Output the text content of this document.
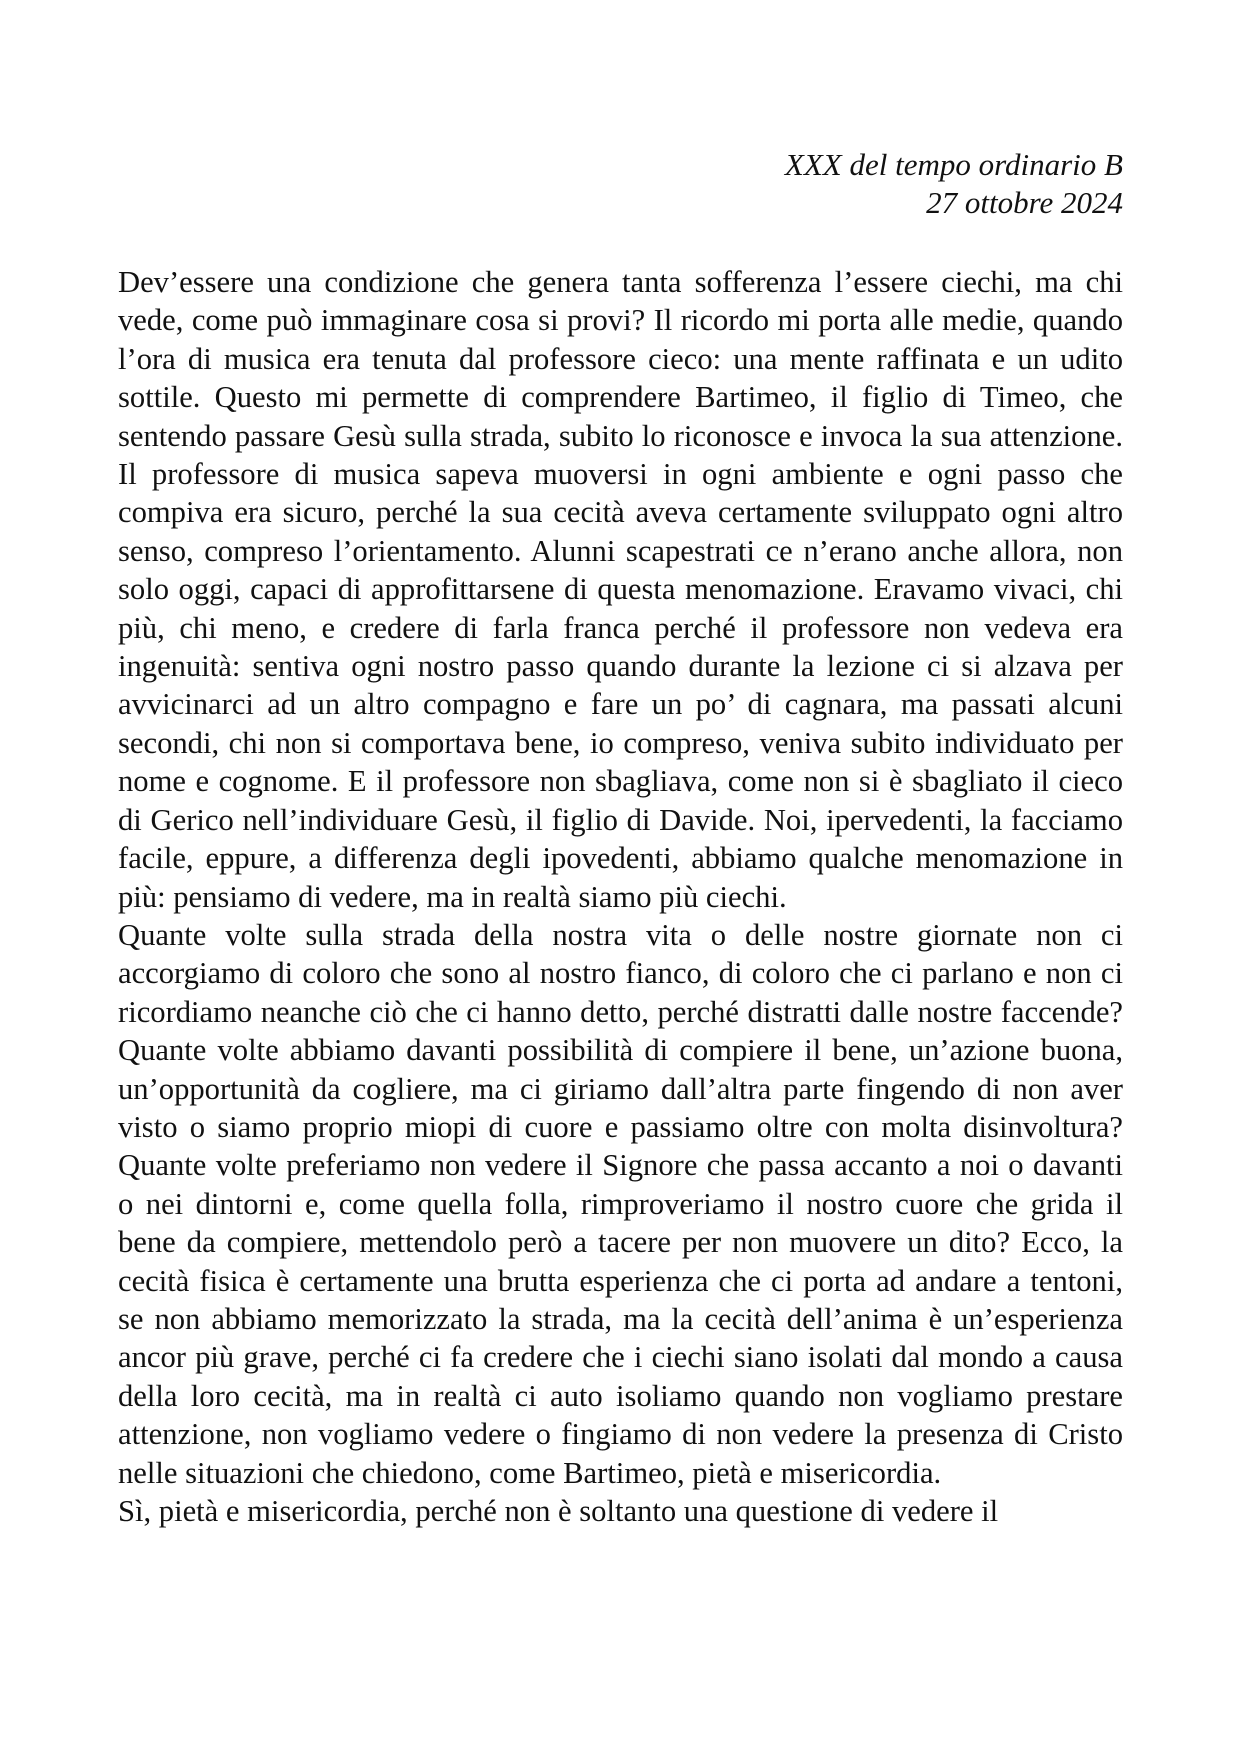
XXX del tempo ordinario B
27 ottobre 2024

Dev’essere una condizione che genera tanta sofferenza l’essere ciechi, ma chi vede, come può immaginare cosa si provi? Il ricordo mi porta alle medie, quando l’ora di musica era tenuta dal professore cieco: una mente raffinata e un udito sottile. Questo mi permette di comprendere Bartimeo, il figlio di Timeo, che sentendo passare Gesù sulla strada, subito lo riconosce e invoca la sua attenzione. Il professore di musica sapeva muoversi in ogni ambiente e ogni passo che compiva era sicuro, perché la sua cecità aveva certamente sviluppato ogni altro senso, compreso l’orientamento. Alunni scapestrati ce n’erano anche allora, non solo oggi, capaci di approfittarsene di questa menomazione. Eravamo vivaci, chi più, chi meno, e credere di farla franca perché il professore non vedeva era ingenuità: sentiva ogni nostro passo quando durante la lezione ci si alzava per avvicinarci ad un altro compagno e fare un po’ di cagnara, ma passati alcuni secondi, chi non si comportava bene, io compreso, veniva subito individuato per nome e cognome. E il professore non sbagliava, come non si è sbagliato il cieco di Gerico nell’individuare Gesù, il figlio di Davide. Noi, ipervedenti, la facciamo facile, eppure, a differenza degli ipovedenti, abbiamo qualche menomazione in più: pensiamo di vedere, ma in realtà siamo più ciechi.

Quante volte sulla strada della nostra vita o delle nostre giornate non ci accorgiamo di coloro che sono al nostro fianco, di coloro che ci parlano e non ci ricordiamo neanche ciò che ci hanno detto, perché distratti dalle nostre faccende? Quante volte abbiamo davanti possibilità di compiere il bene, un’azione buona, un’opportunità da cogliere, ma ci giriamo dall’altra parte fingendo di non aver visto o siamo proprio miopi di cuore e passiamo oltre con molta disinvoltura? Quante volte preferiamo non vedere il Signore che passa accanto a noi o davanti o nei dintorni e, come quella folla, rimproveriamo il nostro cuore che grida il bene da compiere, mettendolo però a tacere per non muovere un dito? Ecco, la cecità fisica è certamente una brutta esperienza che ci porta ad andare a tentoni, se non abbiamo memorizzato la strada, ma la cecità dell’anima è un’esperienza ancor più grave, perché ci fa credere che i ciechi siano isolati dal mondo a causa della loro cecità, ma in realtà ci auto isoliamo quando non vogliamo prestare attenzione, non vogliamo vedere o fingiamo di non vedere la presenza di Cristo nelle situazioni che chiedono, come Bartimeo, pietà e misericordia.

Sì, pietà e misericordia, perché non è soltanto una questione di vedere il
